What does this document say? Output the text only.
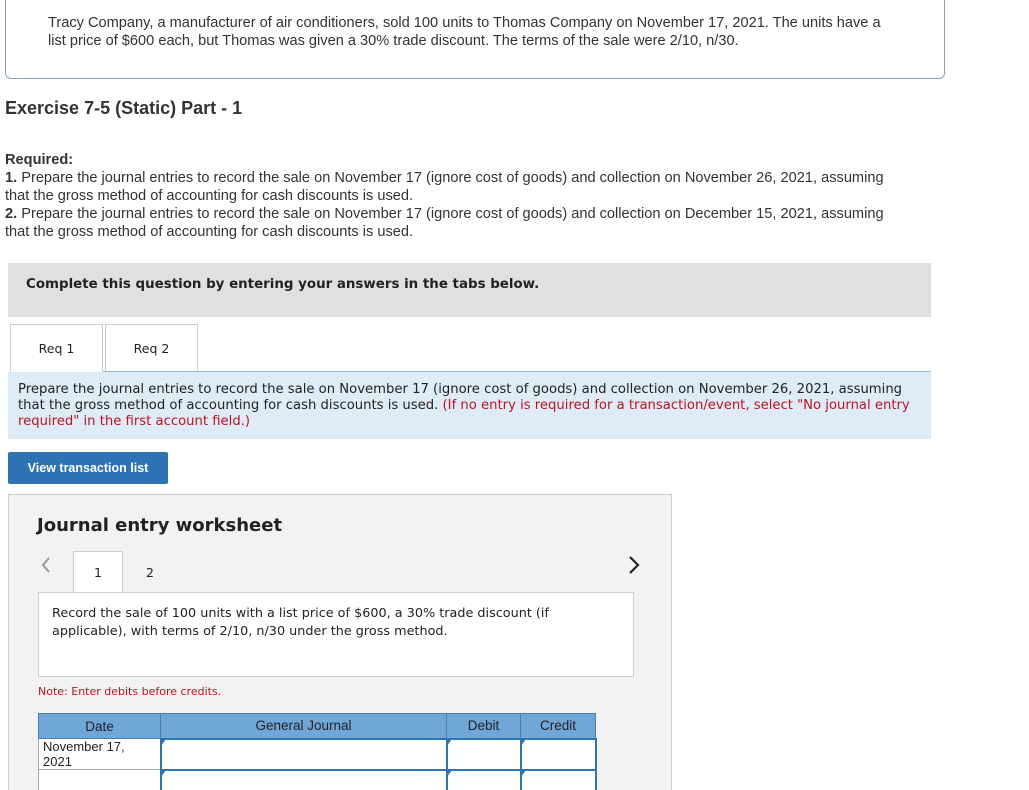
Tracy Company, a manufacturer of air conditioners, sold 100 units to Thomas Company on November 17, 2021. The units have a list price of $600 each, but Thomas was given a 30% trade discount. The terms of the sale were 2/10, n/30.
Exercise 7-5 (Static) Part - 1
Required:
1. Prepare the journal entries to record the sale on November 17 (ignore cost of goods) and collection on November 26, 2021, assuming that the gross method of accounting for cash discounts is used.
2. Prepare the journal entries to record the sale on November 17 (ignore cost of goods) and collection on December 15, 2021, assuming that the gross method of accounting for cash discounts is used.
Complete this question by entering your answers in the tabs below.
Req 1	Req 2
Prepare the journal entries to record the sale on November 17 (ignore cost of goods) and collection on November 26, 2021, assuming that the gross method of accounting for cash discounts is used. (If no entry is required for a transaction/event, select "No journal entry required" in the first account field.)
View transaction list
Journal entry worksheet
1	2
Record the sale of 100 units with a list price of $600, a 30% trade discount (if applicable), with terms of 2/10, n/30 under the gross method.
Note: Enter debits before credits.
Date	General Journal	Debit	Credit
November 17, 2021			
